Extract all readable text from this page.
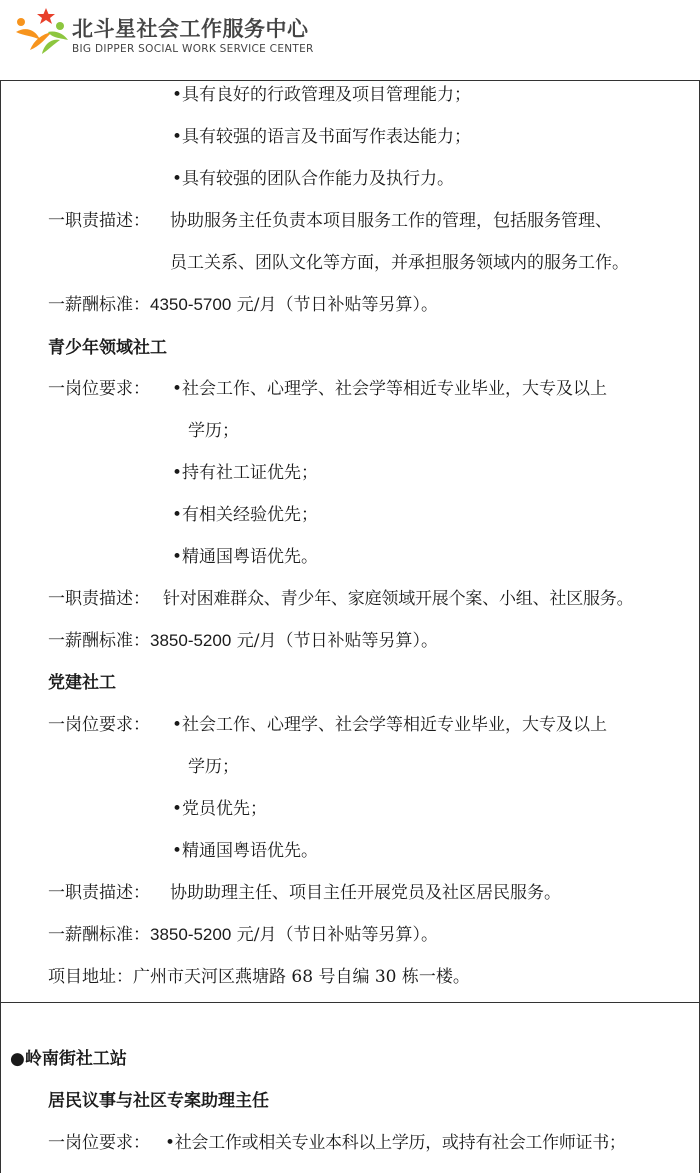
北斗星社会工作服务中心
BIG DIPPER SOCIAL WORK SERVICE CENTER
•具有良好的行政管理及项目管理能力；
•具有较强的语言及书面写作表达能力；
•具有较强的团队合作能力及执行力。
一职责描述： 协助服务主任负责本项目服务工作的管理，包括服务管理、
员工关系、团队文化等方面，并承担服务领域内的服务工作。
一薪酬标准：4350-5700 元/月（节日补贴等另算）。
青少年领域社工
一岗位要求： •社会工作、心理学、社会学等相近专业毕业，大专及以上
学历；
•持有社工证优先；
•有相关经验优先；
•精通国粤语优先。
一职责描述： 针对困难群众、青少年、家庭领域开展个案、小组、社区服务。
一薪酬标准：3850-5200 元/月（节日补贴等另算）。
党建社工
一岗位要求： •社会工作、心理学、社会学等相近专业毕业，大专及以上
学历；
•党员优先；
•精通国粤语优先。
一职责描述： 协助助理主任、项目主任开展党员及社区居民服务。
一薪酬标准：3850-5200 元/月（节日补贴等另算）。
项目地址：广州市天河区燕塘路 68 号自编 30 栋一楼。
●岭南街社工站
居民议事与社区专案助理主任
一岗位要求： •社会工作或相关专业本科以上学历，或持有社会工作师证书；
